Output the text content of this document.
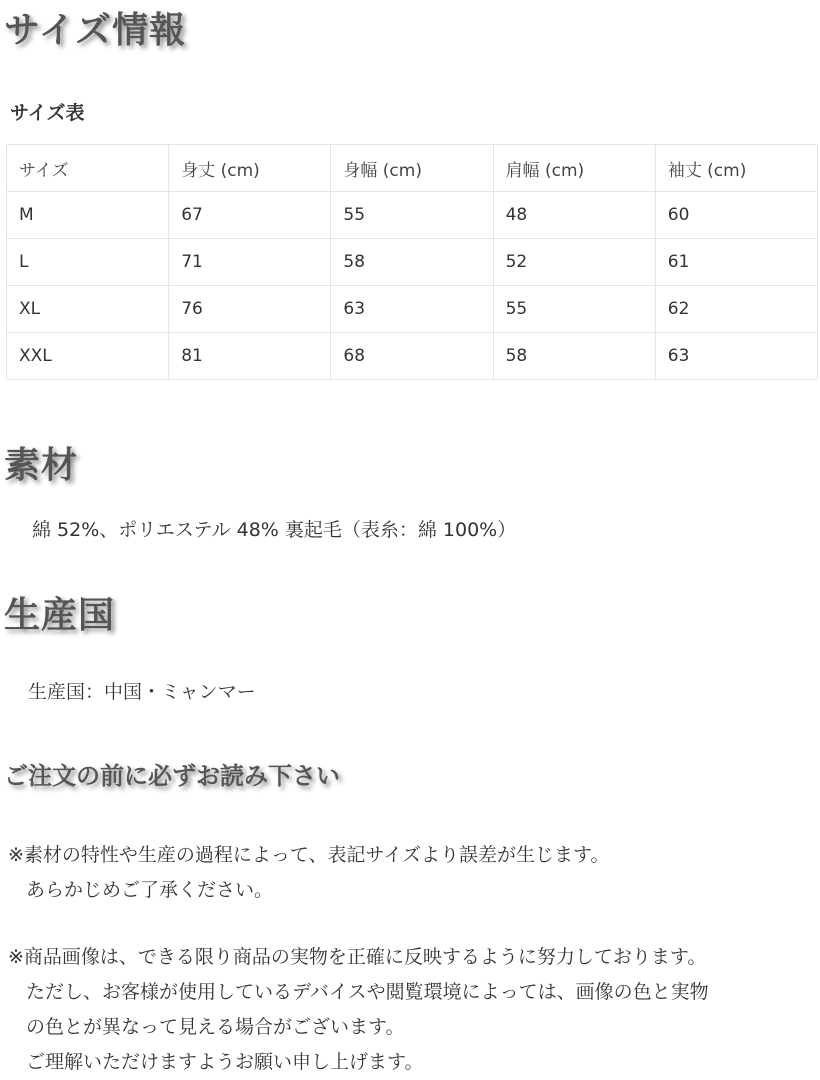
サイズ情報
サイズ表
サイズ	身丈 (cm)	身幅 (cm)	肩幅 (cm)	袖丈 (cm)
M	67	55	48	60
L	71	58	52	61
XL	76	63	55	62
XXL	81	68	58	63
素材

綿 52%、ポリエステル 48% 裏起毛（表糸：綿 100%）

生産国

生産国：中国・ミャンマー

ご注文の前に必ずお読み下さい
※素材の特性や生産の過程によって、表記サイズより誤差が生じます。
あらかじめご了承ください。
※商品画像は、できる限り商品の実物を正確に反映するように努力しております。
ただし、お客様が使用しているデバイスや閲覧環境によっては、画像の色と実物
の色とが異なって見える場合がございます。
ご理解いただけますようお願い申し上げます。
